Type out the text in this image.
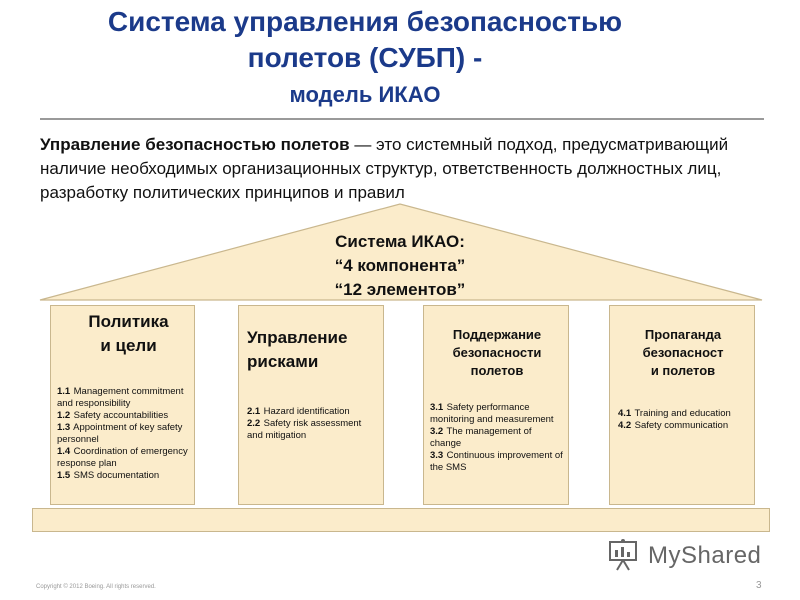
Система управления безопасностью
полетов (СУБП) -
модель ИКАО
Управление безопасностью полетов — это системный подход, предусматривающий наличие необходимых организационных структур, ответственность должностных лиц, разработку политических принципов и правил
Система ИКАО:
“4 компонента”
“12 элементов”
Политика
и цели
1.1 Management commitment and responsibility
1.2 Safety accountabilities
1.3 Appointment of key safety personnel
1.4 Coordination of emergency response plan
1.5 SMS documentation
Управление
рисками
2.1 Hazard identification
2.2 Safety risk assessment and mitigation
Поддержание
безопасности
полетов
3.1 Safety performance monitoring and measurement
3.2 The management of change
3.3 Continuous improvement of the SMS
Пропаганда
безопасност
и полетов
4.1 Training and education
4.2 Safety communication
MyShared
Copyright © 2012 Boeing. All rights reserved.	3
